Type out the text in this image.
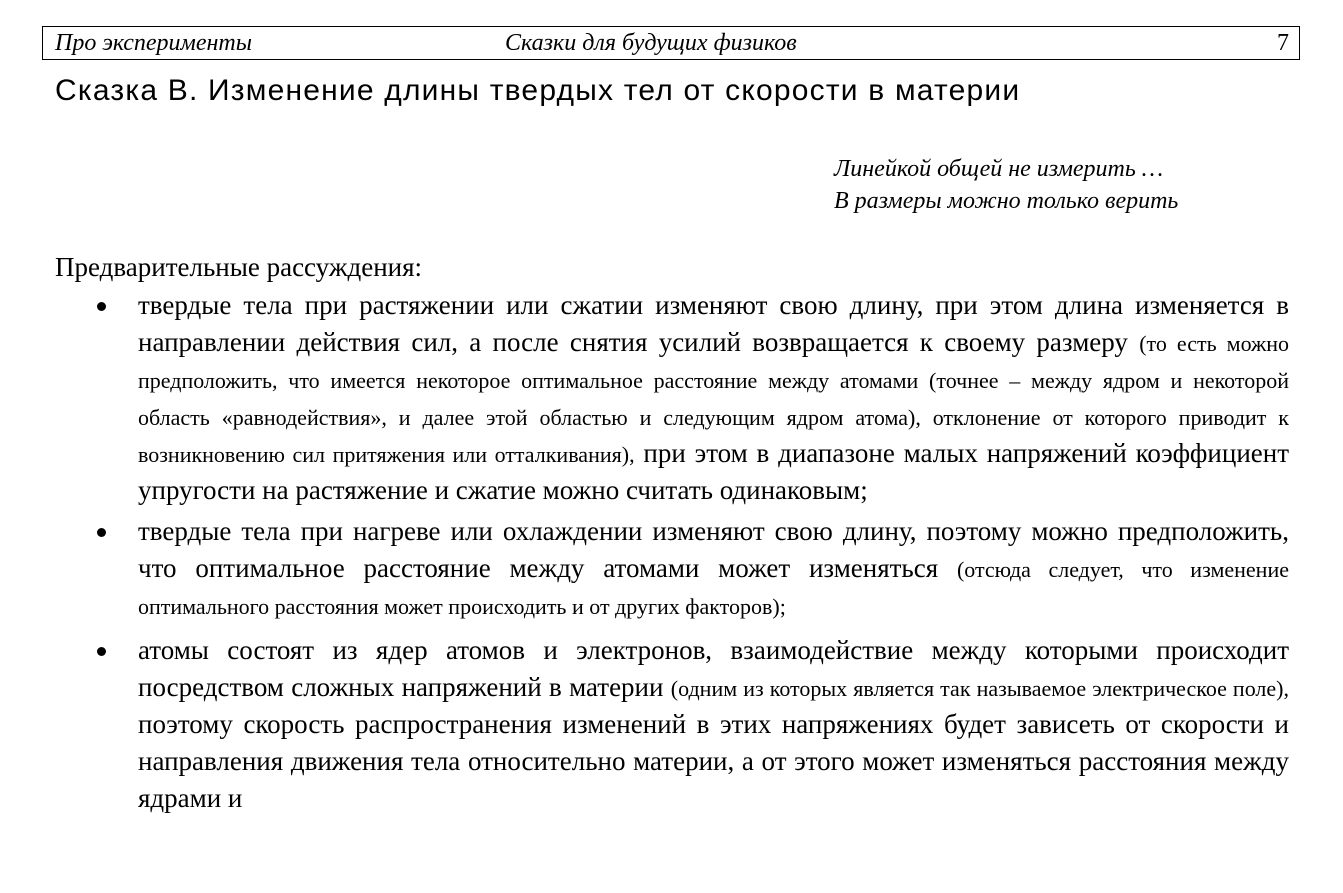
Про эксперименты	Сказки для будущих физиков	7
Сказка В. Изменение длины твердых тел от скорости в материи
Линейкой общей не измерить …
В размеры можно только верить
Предварительные рассуждения:
твердые тела при растяжении или сжатии изменяют свою длину, при этом длина изменяется в направлении действия сил, а после снятия усилий возвращается к своему размеру (то есть можно предположить, что имеется некоторое оптимальное расстояние между атомами (точнее – между ядром и некоторой область «равнодействия», и далее этой областью и следующим ядром атома), отклонение от которого приводит к возникновению сил притяжения или отталкивания), при этом в диапазоне малых напряжений коэффициент упругости на растяжение и сжатие можно считать одинаковым;
твердые тела при нагреве или охлаждении изменяют свою длину, поэтому можно предположить, что оптимальное расстояние между атомами может изменяться (отсюда следует, что изменение оптимального расстояния может происходить и от других факторов);
атомы состоят из ядер атомов и электронов, взаимодействие между которыми происходит посредством сложных напряжений в материи (одним из которых является так называемое электрическое поле), поэтому скорость распространения изменений в этих напряжениях будет зависеть от скорости и направления движения тела относительно материи, а от этого может изменяться расстояния между ядрами и
